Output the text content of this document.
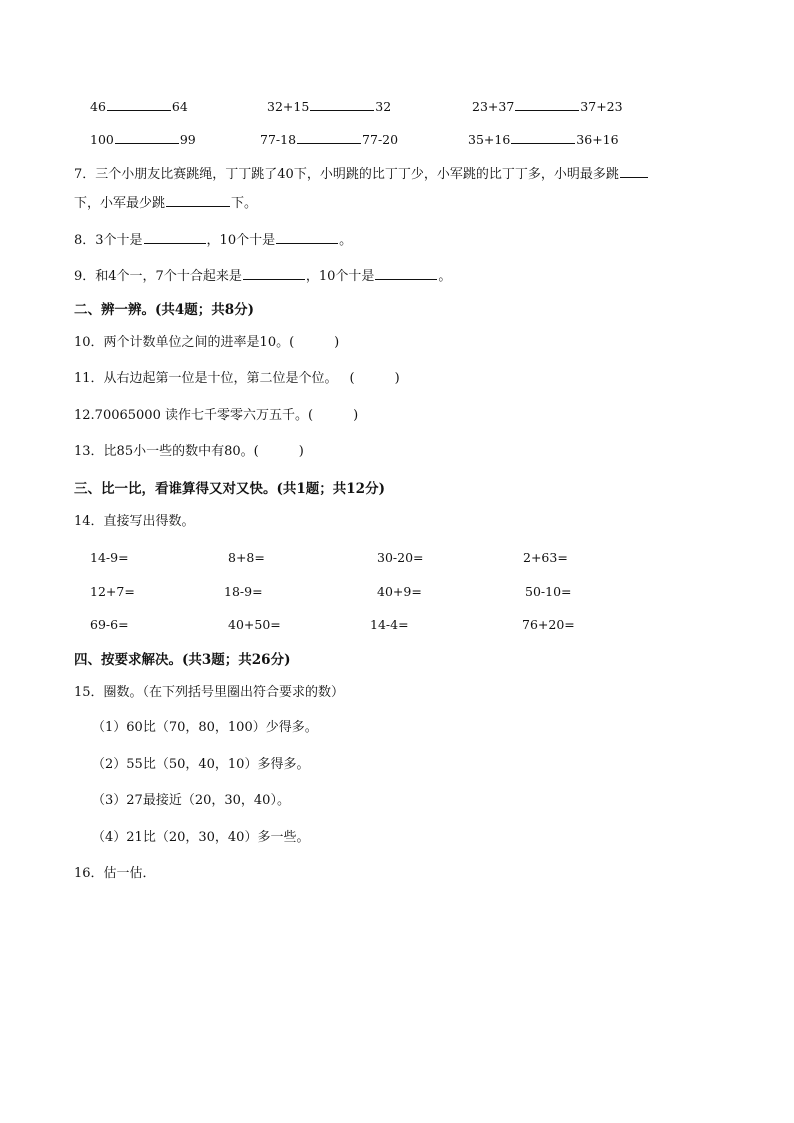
46	64	32+15	32	23+37	37+23
100	99	77-18	77-20	35+16	36+16
7．三个小朋友比赛跳绳，丁丁跳了40下，小明跳的比丁丁少，小军跳的比丁丁多，小明最多跳
下，小军最少跳	下。
8．3个十是	，10个十是	。
9．和4个一，7个十合起来是	，10个十是	。
二、辨一辨。(共4题；共8分)
10．两个计数单位之间的进率是10。(	)
11．从右边起第一位是十位，第二位是个位。 (	)
12.70065000 读作七千零零六万五千。(	)
13．比85小一些的数中有80。(	)
三、比一比，看谁算得又对又快。(共1题；共12分)
14．直接写出得数。
14-9=	8+8=	30-20=	2+63=
12+7=	18-9=	40+9=	50-10=
69-6=	40+50=	14-4=	76+20=
四、按要求解决。(共3题；共26分)
15．圈数。（在下列括号里圈出符合要求的数）
（1）60比（70，80，100）少得多。
（2）55比（50，40，10）多得多。
（3）27最接近（20，30，40）。
（4）21比（20，30，40）多一些。
16．估一估．
